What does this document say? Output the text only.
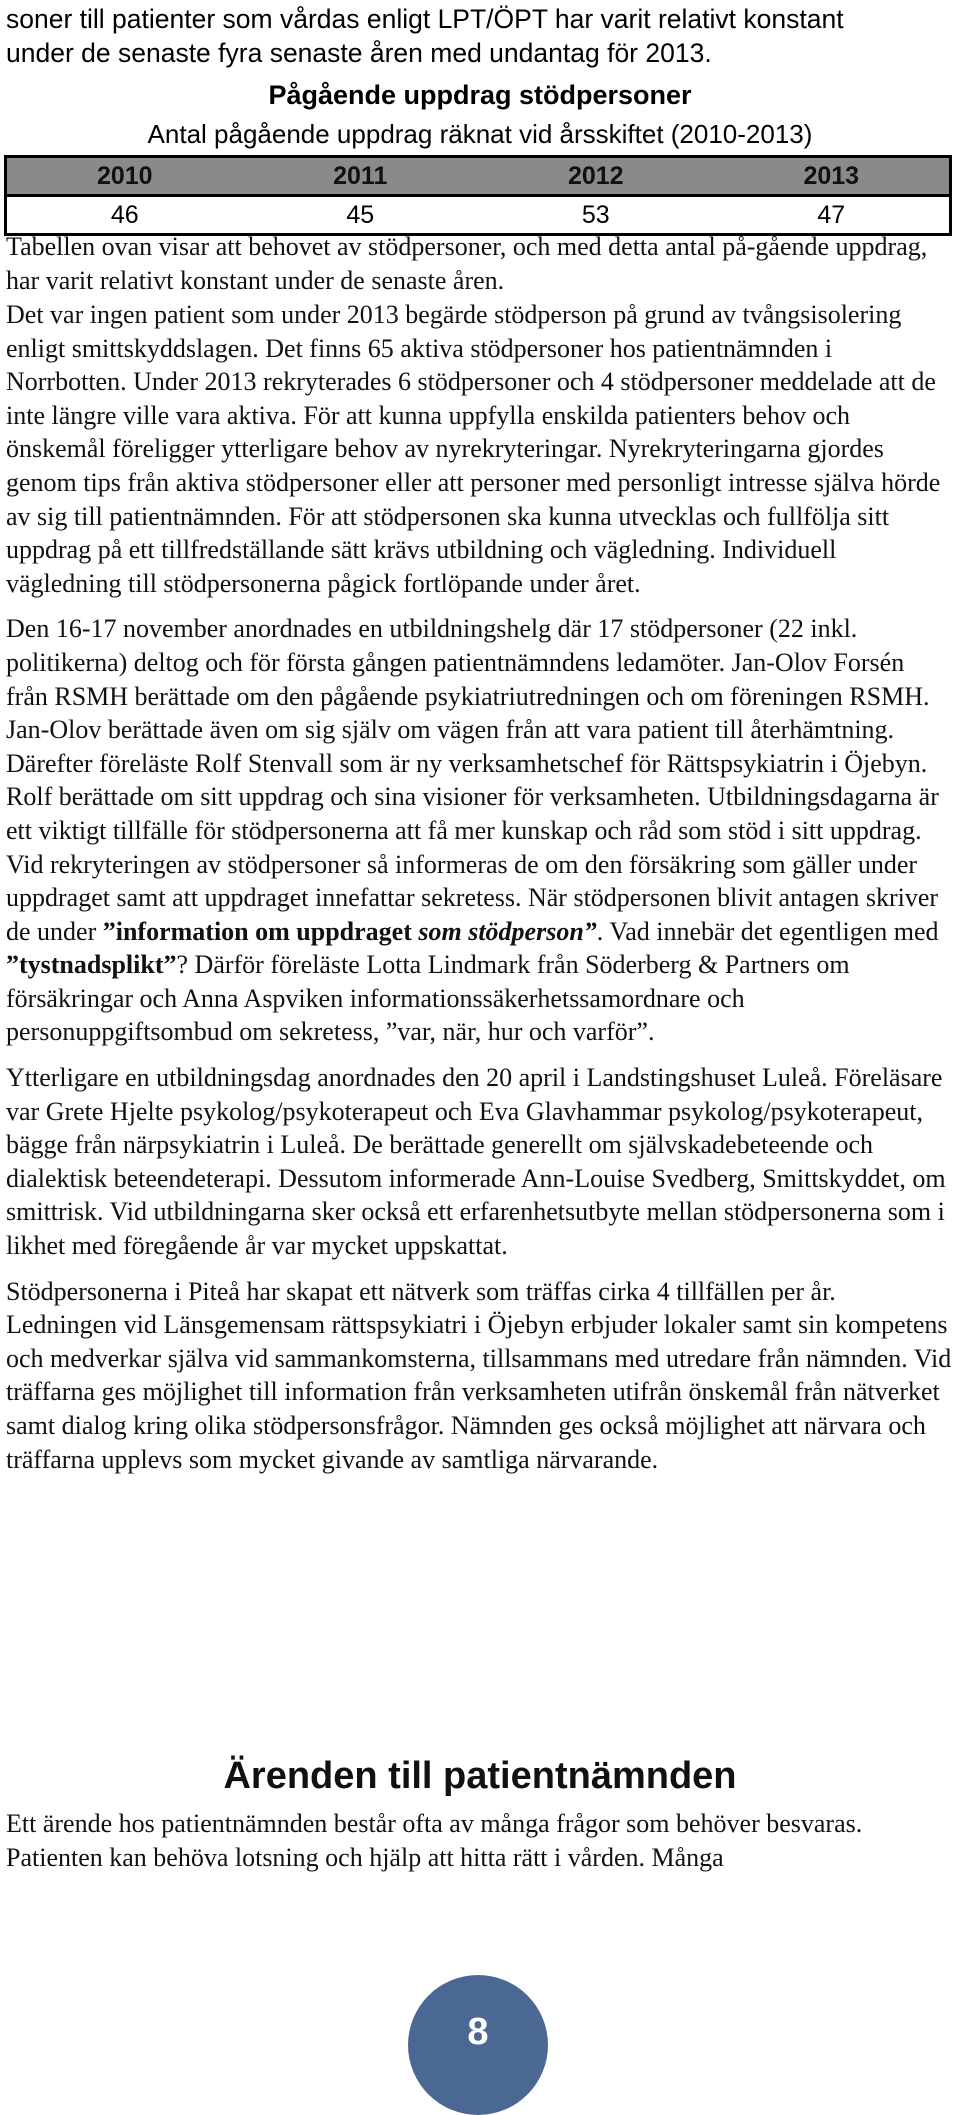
soner till patienter som vårdas enligt LPT/ÖPT har varit relativt konstant
under de senaste fyra senaste åren med undantag för 2013.
Pågående uppdrag stödpersoner
Antal pågående uppdrag räknat vid årsskiftet (2010-2013)
2010	2011	2012	2013
46	45	53	47

Tabellen ovan visar att behovet av stödpersoner, och med detta antal på-gående uppdrag, har varit relativt konstant under de senaste åren.

Det var ingen patient som under 2013 begärde stödperson på grund av tvångsisolering enligt smittskyddslagen. Det finns 65 aktiva stödpersoner hos patientnämnden i Norrbotten. Under 2013 rekryterades 6 stödpersoner och 4 stödpersoner meddelade att de inte längre ville vara aktiva. För att kunna uppfylla enskilda patienters behov och önskemål föreligger ytterligare behov av nyrekryteringar. Nyrekryteringarna gjordes genom tips från aktiva stödpersoner eller att personer med personligt intresse själva hörde av sig till patientnämnden. För att stödpersonen ska kunna utvecklas och fullfölja sitt uppdrag på ett tillfredställande sätt krävs utbildning och vägledning. Individuell vägledning till stödpersonerna pågick fortlöpande under året.

Den 16-17 november anordnades en utbildningshelg där 17 stödpersoner (22 inkl. politikerna) deltog och för första gången patientnämndens ledamöter. Jan-Olov Forsén från RSMH berättade om den pågående psykiatriutredningen och om föreningen RSMH. Jan-Olov berättade även om sig själv om vägen från att vara patient till återhämtning. Därefter föreläste Rolf Stenvall som är ny verksamhetschef för Rättspsykiatrin i Öjebyn. Rolf berättade om sitt uppdrag och sina visioner för verksamheten. Utbildningsdagarna är ett viktigt tillfälle för stödpersonerna att få mer kunskap och råd som stöd i sitt uppdrag. Vid rekryteringen av stödpersoner så informeras de om den försäkring som gäller under uppdraget samt att uppdraget innefattar sekretess. När stödpersonen blivit antagen skriver de under ”information om uppdraget som stödperson”. Vad innebär det egentligen med ”tystnadsplikt”? Därför föreläste Lotta Lindmark från Söderberg & Partners om försäkringar och Anna Aspviken informationssäkerhetssamordnare och personuppgiftsombud om sekretess, ”var, när, hur och varför”.

Ytterligare en utbildningsdag anordnades den 20 april i Landstingshuset Luleå. Föreläsare var Grete Hjelte psykolog/psykoterapeut och Eva Glavhammar psykolog/psykoterapeut, bägge från närpsykiatrin i Luleå. De berättade generellt om självskadebeteende och dialektisk beteendeterapi. Dessutom informerade Ann-Louise Svedberg, Smittskyddet, om smittrisk. Vid utbildningarna sker också ett erfarenhetsutbyte mellan stödpersonerna som i likhet med föregående år var mycket uppskattat.

Stödpersonerna i Piteå har skapat ett nätverk som träffas cirka 4 tillfällen per år. Ledningen vid Länsgemensam rättspsykiatri i Öjebyn erbjuder lokaler samt sin kompetens och medverkar själva vid sammankomsterna, tillsammans med utredare från nämnden. Vid träffarna ges möjlighet till information från verksamheten utifrån önskemål från nätverket samt dialog kring olika stödpersonsfrågor. Nämnden ges också möjlighet att närvara och träffarna upplevs som mycket givande av samtliga närvarande.

Ärenden till patientnämnden

Ett ärende hos patientnämnden består ofta av många frågor som behöver besvaras. Patienten kan behöva lotsning och hjälp att hitta rätt i vården. Många

8
